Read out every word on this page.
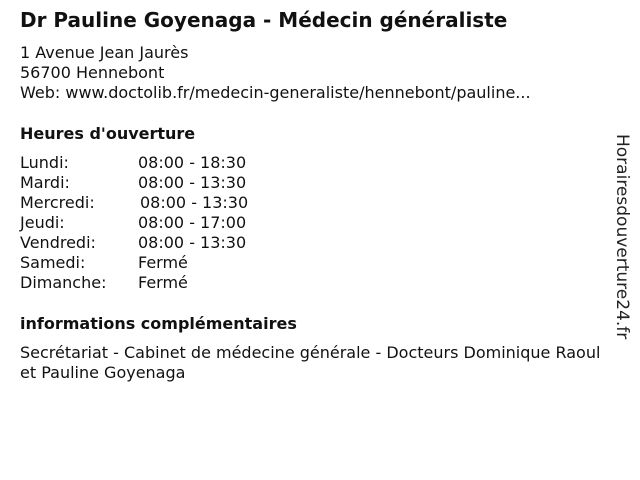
Dr Pauline Goyenaga - Médecin généraliste
1 Avenue Jean Jaurès
56700 Hennebont
Web: www.doctolib.fr/medecin-generaliste/hennebont/pauline...
Heures d'ouverture
Lundi:	08:00 - 18:30
Mardi:	08:00 - 13:30
Mercredi:	08:00 - 13:30
Jeudi:	08:00 - 17:00
Vendredi:	08:00 - 13:30
Samedi:	Fermé
Dimanche: Fermé
informations complémentaires
Secrétariat - Cabinet de médecine générale - Docteurs Dominique Raoul et Pauline Goyenaga
Horairesdouverture24.fr
